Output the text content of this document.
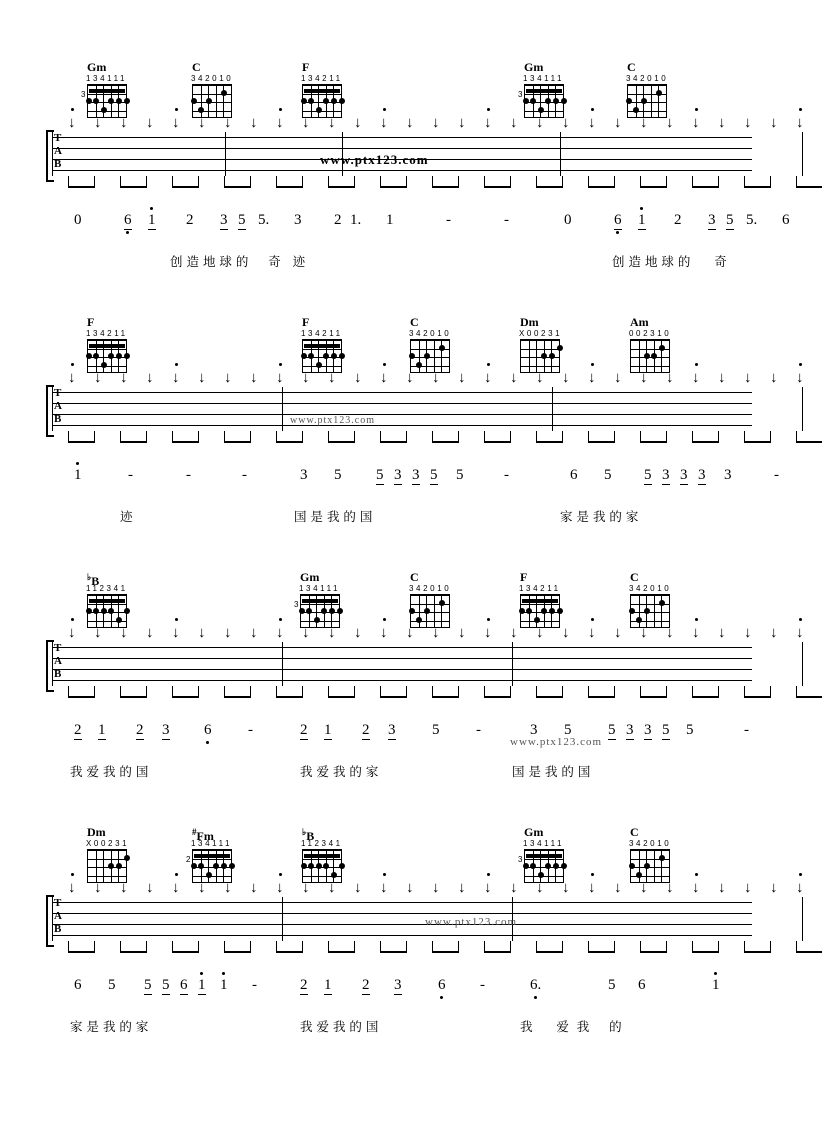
Gm
134111
3
C
342010
F
134211
Gm
134111
3
C
342010
T
A
B
↓ ↓ ↓ ↓ ↓ ↓ ↓ ↓ ↓ ↓ ↓ ↓ ↓ ↓ ↓ ↓ ↓ ↓ ↓ ↓ ↓ ↓ ↓ ↓ ↓ ↓ ↓ ↓ ↓
0	6 1 2 3 5 5. 3 2 1. 1	-	-	0	6 1 2 3 5 5. 6
创 造 地 球 的     奇   迹	创 造 地 球 的      奇
F
134211
F
134211
C
342010
Dm
X00231
Am
002310
T
A
B
↓ ↓ ↓ ↓ ↓ ↓ ↓ ↓ ↓ ↓ ↓ ↓ ↓ ↓ ↓ ↓ ↓ ↓ ↓ ↓ ↓ ↓ ↓ ↓ ↓ ↓ ↓ ↓ ↓
1	-	-	-	3 5 5 3 3 5 5	-	6 5 5 3 3 3 3	-
迹	国 是 我 的 国	家 是 我 的 家
♭B
112341
Gm
134111
3
C
342010
F
134211
C
342010
T
A
B
↓ ↓ ↓ ↓ ↓ ↓ ↓ ↓ ↓ ↓ ↓ ↓ ↓ ↓ ↓ ↓ ↓ ↓ ↓ ↓ ↓ ↓ ↓ ↓ ↓ ↓ ↓ ↓ ↓
2 1 2 3 6 -	2 1 2 3 5 -	3 5 5 3 3 5 5	-
我 爱 我 的 国	我 爱 我 的 家	国 是 我 的 国
Dm
X00231
#Fm
134111
2
♭B
112341
Gm
134111
3
C
342010
T
A
B
↓ ↓ ↓ ↓ ↓ ↓ ↓ ↓ ↓ ↓ ↓ ↓ ↓ ↓ ↓ ↓ ↓ ↓ ↓ ↓ ↓ ↓ ↓ ↓ ↓ ↓ ↓ ↓ ↓
6 5 5 5 6 1 1 -	2 1 2 3 6 -	6.	5 6	1
家 是 我 的 家	我 爱 我 的 国	我      爱  我     的
www.ptx123.com
www.ptx123.com
www.ptx123.com
www.ptx123.com
